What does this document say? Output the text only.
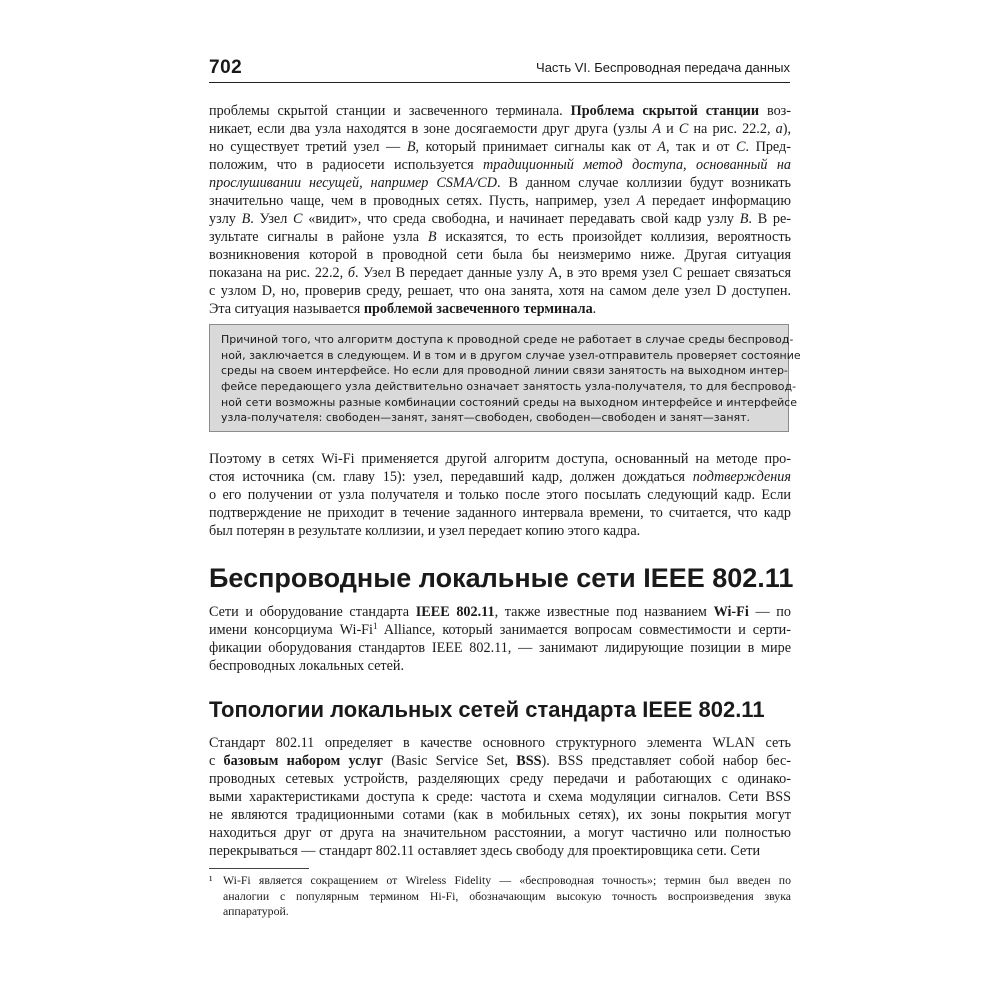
702	Часть VI. Беспроводная передача данных
проблемы скрытой станции и засвеченного терминала. Проблема скрытой станции воз-
никает, если два узла находятся в зоне досягаемости друг друга (узлы A и C на рис. 22.2, а),
но существует третий узел — B, который принимает сигналы как от A, так и от C. Пред-
положим, что в радиосети используется традиционный метод доступа, основанный на
прослушивании несущей, например CSMA/CD. В данном случае коллизии будут возникать
значительно чаще, чем в проводных сетях. Пусть, например, узел A передает информацию
узлу B. Узел C «видит», что среда свободна, и начинает передавать свой кадр узлу B. В ре-
зультате сигналы в районе узла B исказятся, то есть произойдет коллизия, вероятность
возникновения которой в проводной сети была бы неизмеримо ниже. Другая ситуация
показана на рис. 22.2, б. Узел B передает данные узлу A, в это время узел C решает связаться
с узлом D, но, проверив среду, решает, что она занята, хотя на самом деле узел D доступен.
Эта ситуация называется проблемой засвеченного терминала.
Причиной того, что алгоритм доступа к проводной среде не работает в случае среды беспровод-
ной, заключается в следующем. И в том и в другом случае узел-отправитель проверяет состояние
среды на своем интерфейсе. Но если для проводной линии связи занятость на выходном интер-
фейсе передающего узла действительно означает занятость узла-получателя, то для беспровод-
ной сети возможны разные комбинации состояний среды на выходном интерфейсе и интерфейсе
узла-получателя: свободен—занят, занят—свободен, свободен—свободен и занят—занят.
Поэтому в сетях Wi-Fi применяется другой алгоритм доступа, основанный на методе про-
стоя источника (см. главу 15): узел, передавший кадр, должен дождаться подтверждения
о его получении от узла получателя и только после этого посылать следующий кадр. Если
подтверждение не приходит в течение заданного интервала времени, то считается, что кадр
был потерян в результате коллизии, и узел передает копию этого кадра.
Беспроводные локальные сети IEEE 802.11
Сети и оборудование стандарта IEEE 802.11, также известные под названием Wi-Fi — по
имени консорциума Wi-Fi$^1$ Alliance, который занимается вопросам совместимости и серти-
фикации оборудования стандартов IEEE 802.11, — занимают лидирующие позиции в мире
беспроводных локальных сетей.
Топологии локальных сетей стандарта IEEE 802.11
Стандарт 802.11 определяет в качестве основного структурного элемента WLAN сеть
с базовым набором услуг (Basic Service Set, BSS). BSS представляет собой набор бес-
проводных сетевых устройств, разделяющих среду передачи и работающих с одинако-
выми характеристиками доступа к среде: частота и схема модуляции сигналов. Сети BSS
не являются традиционными сотами (как в мобильных сетях), их зоны покрытия могут
находиться друг от друга на значительном расстоянии, а могут частично или полностью
перекрываться — стандарт 802.11 оставляет здесь свободу для проектировщика сети. Сети
¹ Wi-Fi является сокращением от Wireless Fidelity — «беспроводная точность»; термин был введен по
аналогии с популярным термином Hi-Fi, обозначающим высокую точность воспроизведения звука
аппаратурой.
